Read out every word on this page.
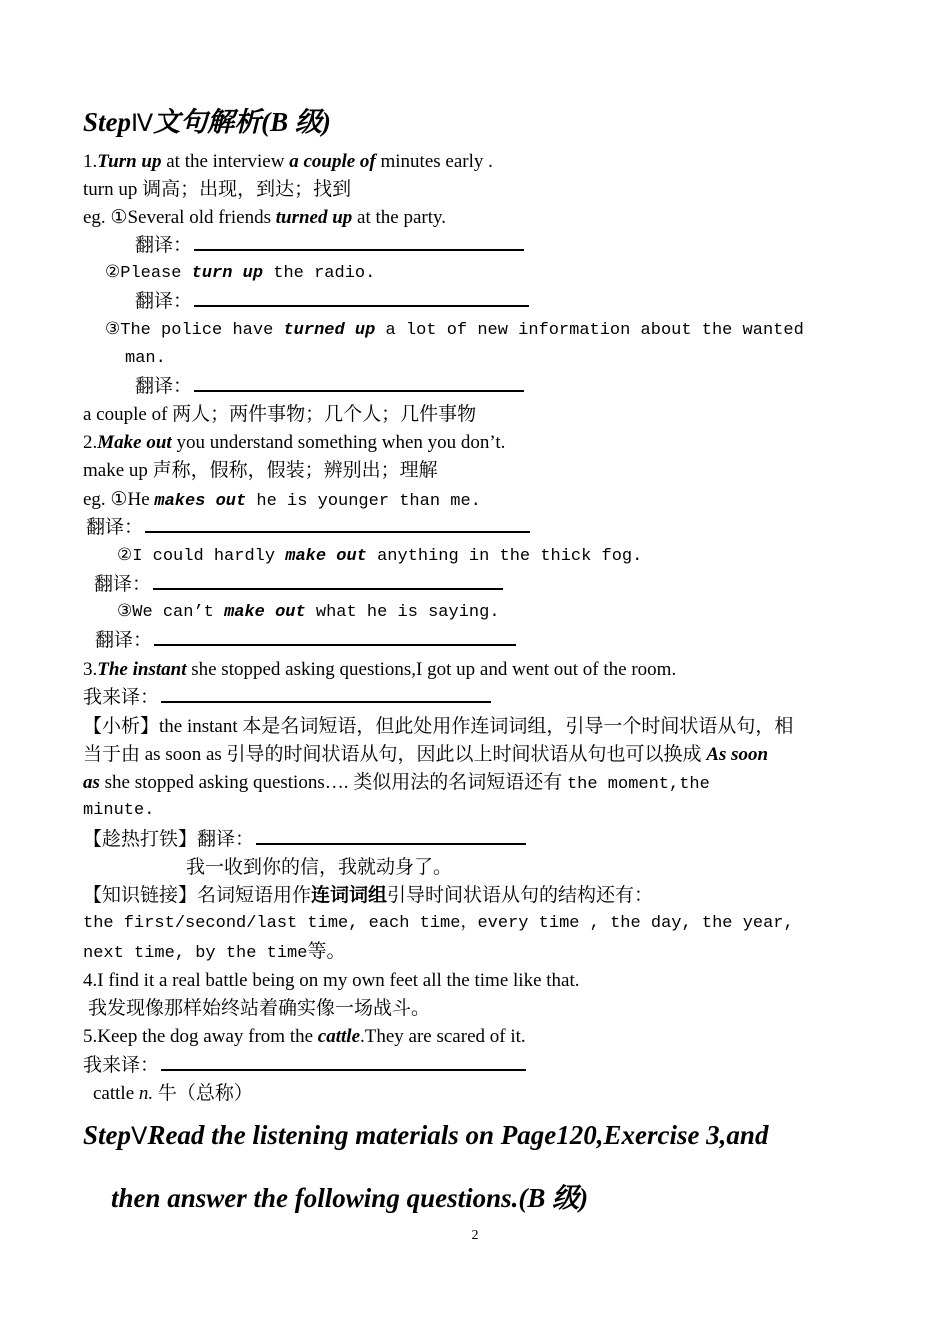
StepⅣ文句解析(B 级)
1.Turn up at the interview a couple of minutes early .
turn up 调高；出现，到达；找到
eg. ①Several old friends turned up at the party.
翻译：
②Please turn up the radio.
翻译：
③The police have turned up a lot of new information about the wanted
man.
翻译：
a couple of 两人；两件事物；几个人；几件事物
2.Make out you understand something when you don’t.
make up 声称，假称，假装；辨别出；理解
eg. ①He makes out he is younger than me.
翻译：
②I could hardly make out anything in the thick fog.
翻译：
③We can’t make out what he is saying.
翻译：
3.The instant she stopped asking questions,I got up and went out of the room.
我来译：
【小析】the instant 本是名词短语，但此处用作连词词组，引导一个时间状语从句，相
当于由 as soon as 引导的时间状语从句，因此以上时间状语从句也可以换成 As soon
as she stopped asking questions…. 类似用法的名词短语还有 the moment,the
minute.
【趁热打铁】翻译：
我一收到你的信，我就动身了。
【知识链接】名词短语用作连词词组引导时间状语从句的结构还有：
the first/second/last time, each time，every time , the day, the year,
next time, by the time等。
4.I find it a real battle being on my own feet all the time like that.
我发现像那样始终站着确实像一场战斗。
5.Keep the dog away from the cattle.They are scared of it.
我来译：
cattle n. 牛（总称）
StepⅤRead the listening materials on Page120,Exercise 3,and
then answer the following questions.(B 级)
2
